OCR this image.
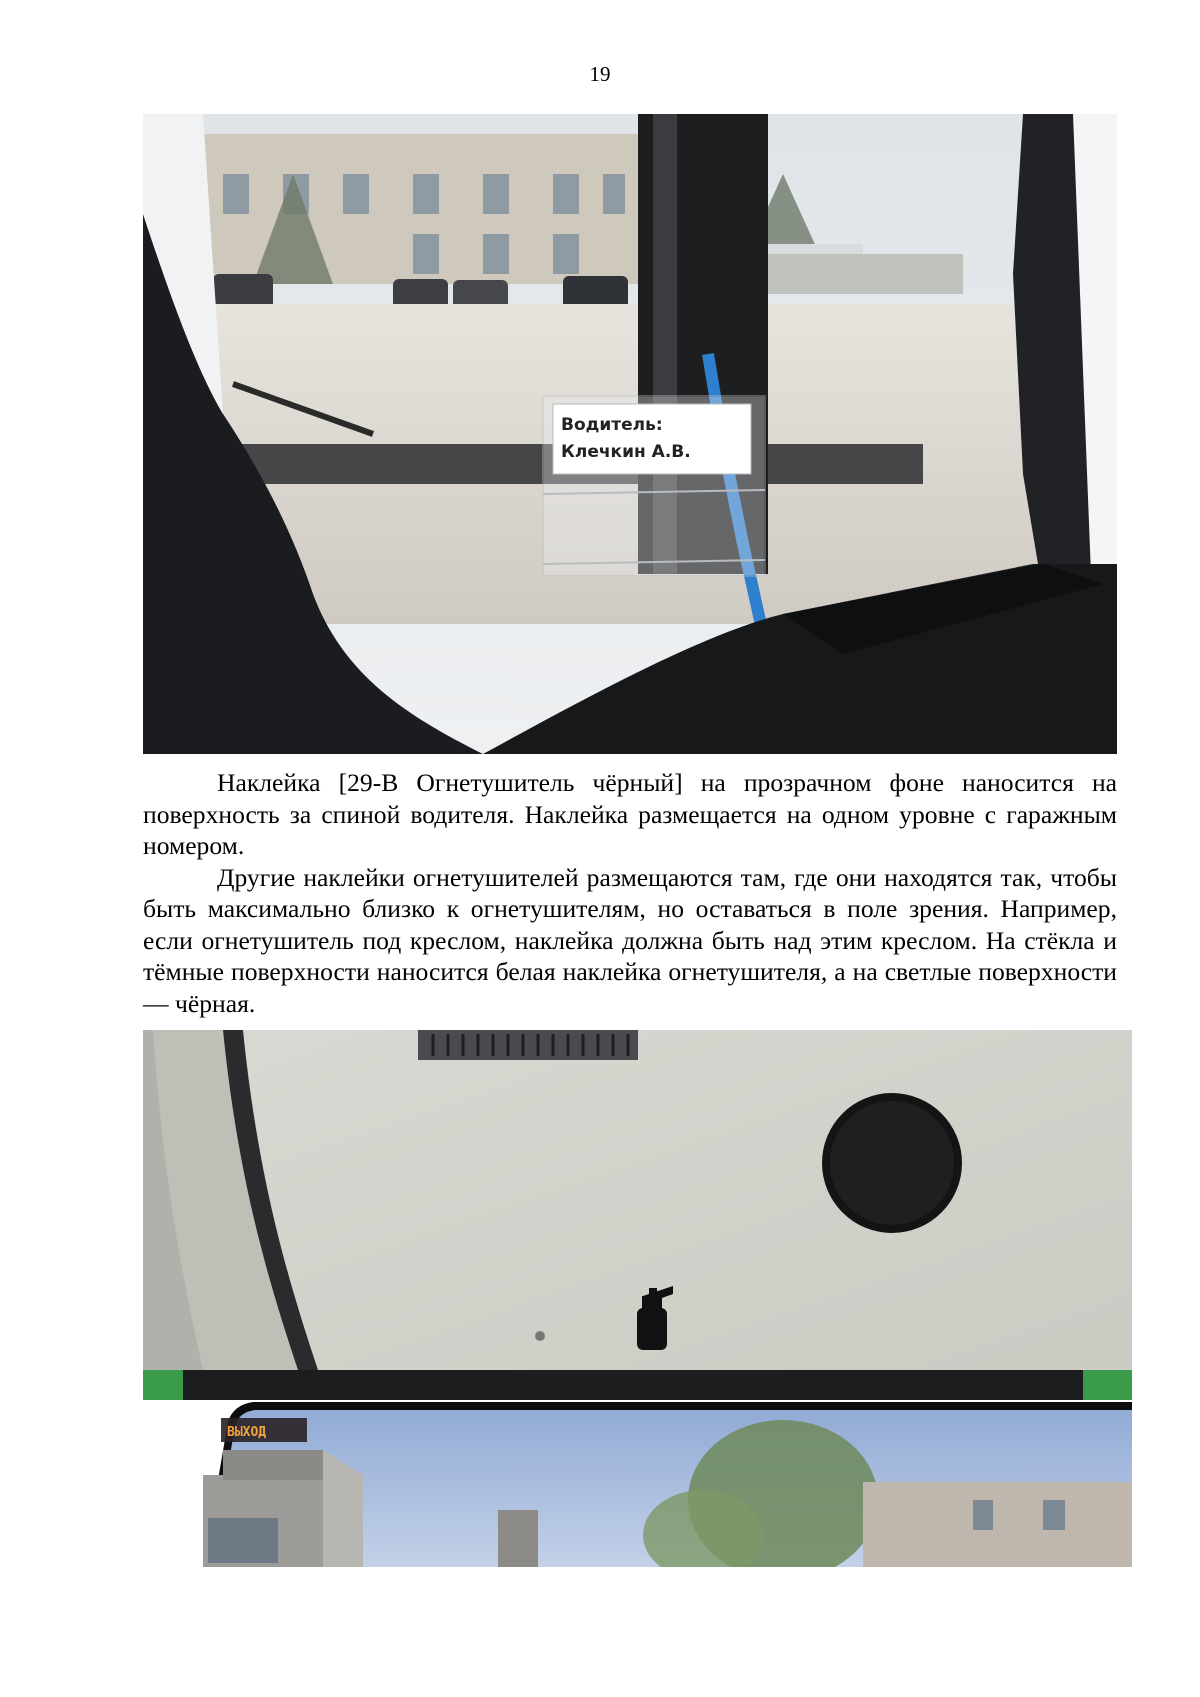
19
Водитель:
Клечкин А.В.

Наклейка [29-В Огнетушитель чёрный] на прозрачном фоне наносится на поверхность за спиной водителя. Наклейка размещается на одном уровне с гаражным номером.

Другие наклейки огнетушителей размещаются там, где они находятся так, чтобы быть максимально близко к огнетушителям, но оставаться в поле зрения. Например, если огнетушитель под креслом, наклейка должна быть над этим креслом. На стёкла и тёмные поверхности наносится белая наклейка огнетушителя, а на светлые поверхности — чёрная.

ВЫХОД
